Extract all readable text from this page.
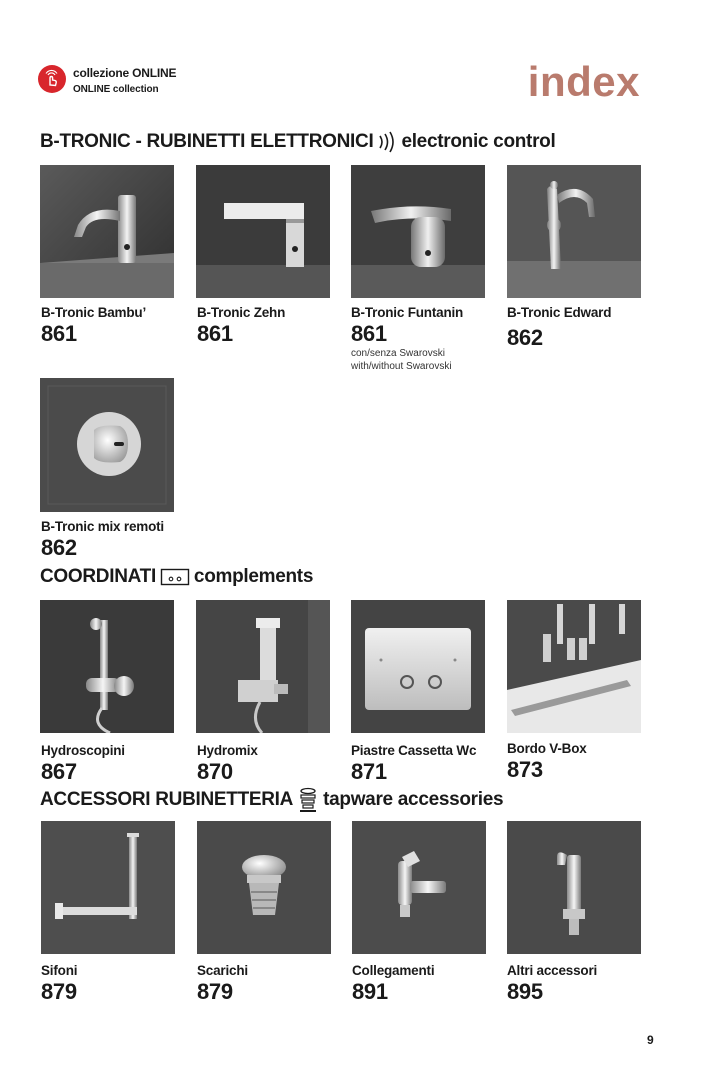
collezione ONLINE
ONLINE collection	index
B-TRONIC - RUBINETTI ELETTRONICI electronic control
B-Tronic Bambu’
861
B-Tronic Zehn
861
B-Tronic Funtanin
861
con/senza Swarovski
with/without Swarovski
B-Tronic Edward
862
B-Tronic mix remoti
862
COORDINATI complements
Hydroscopini
867
Hydromix
870
Piastre Cassetta Wc
871
Bordo V-Box
873
ACCESSORI RUBINETTERIA tapware accessories
Sifoni
879
Scarichi
879
Collegamenti
891
Altri accessori
895
9
